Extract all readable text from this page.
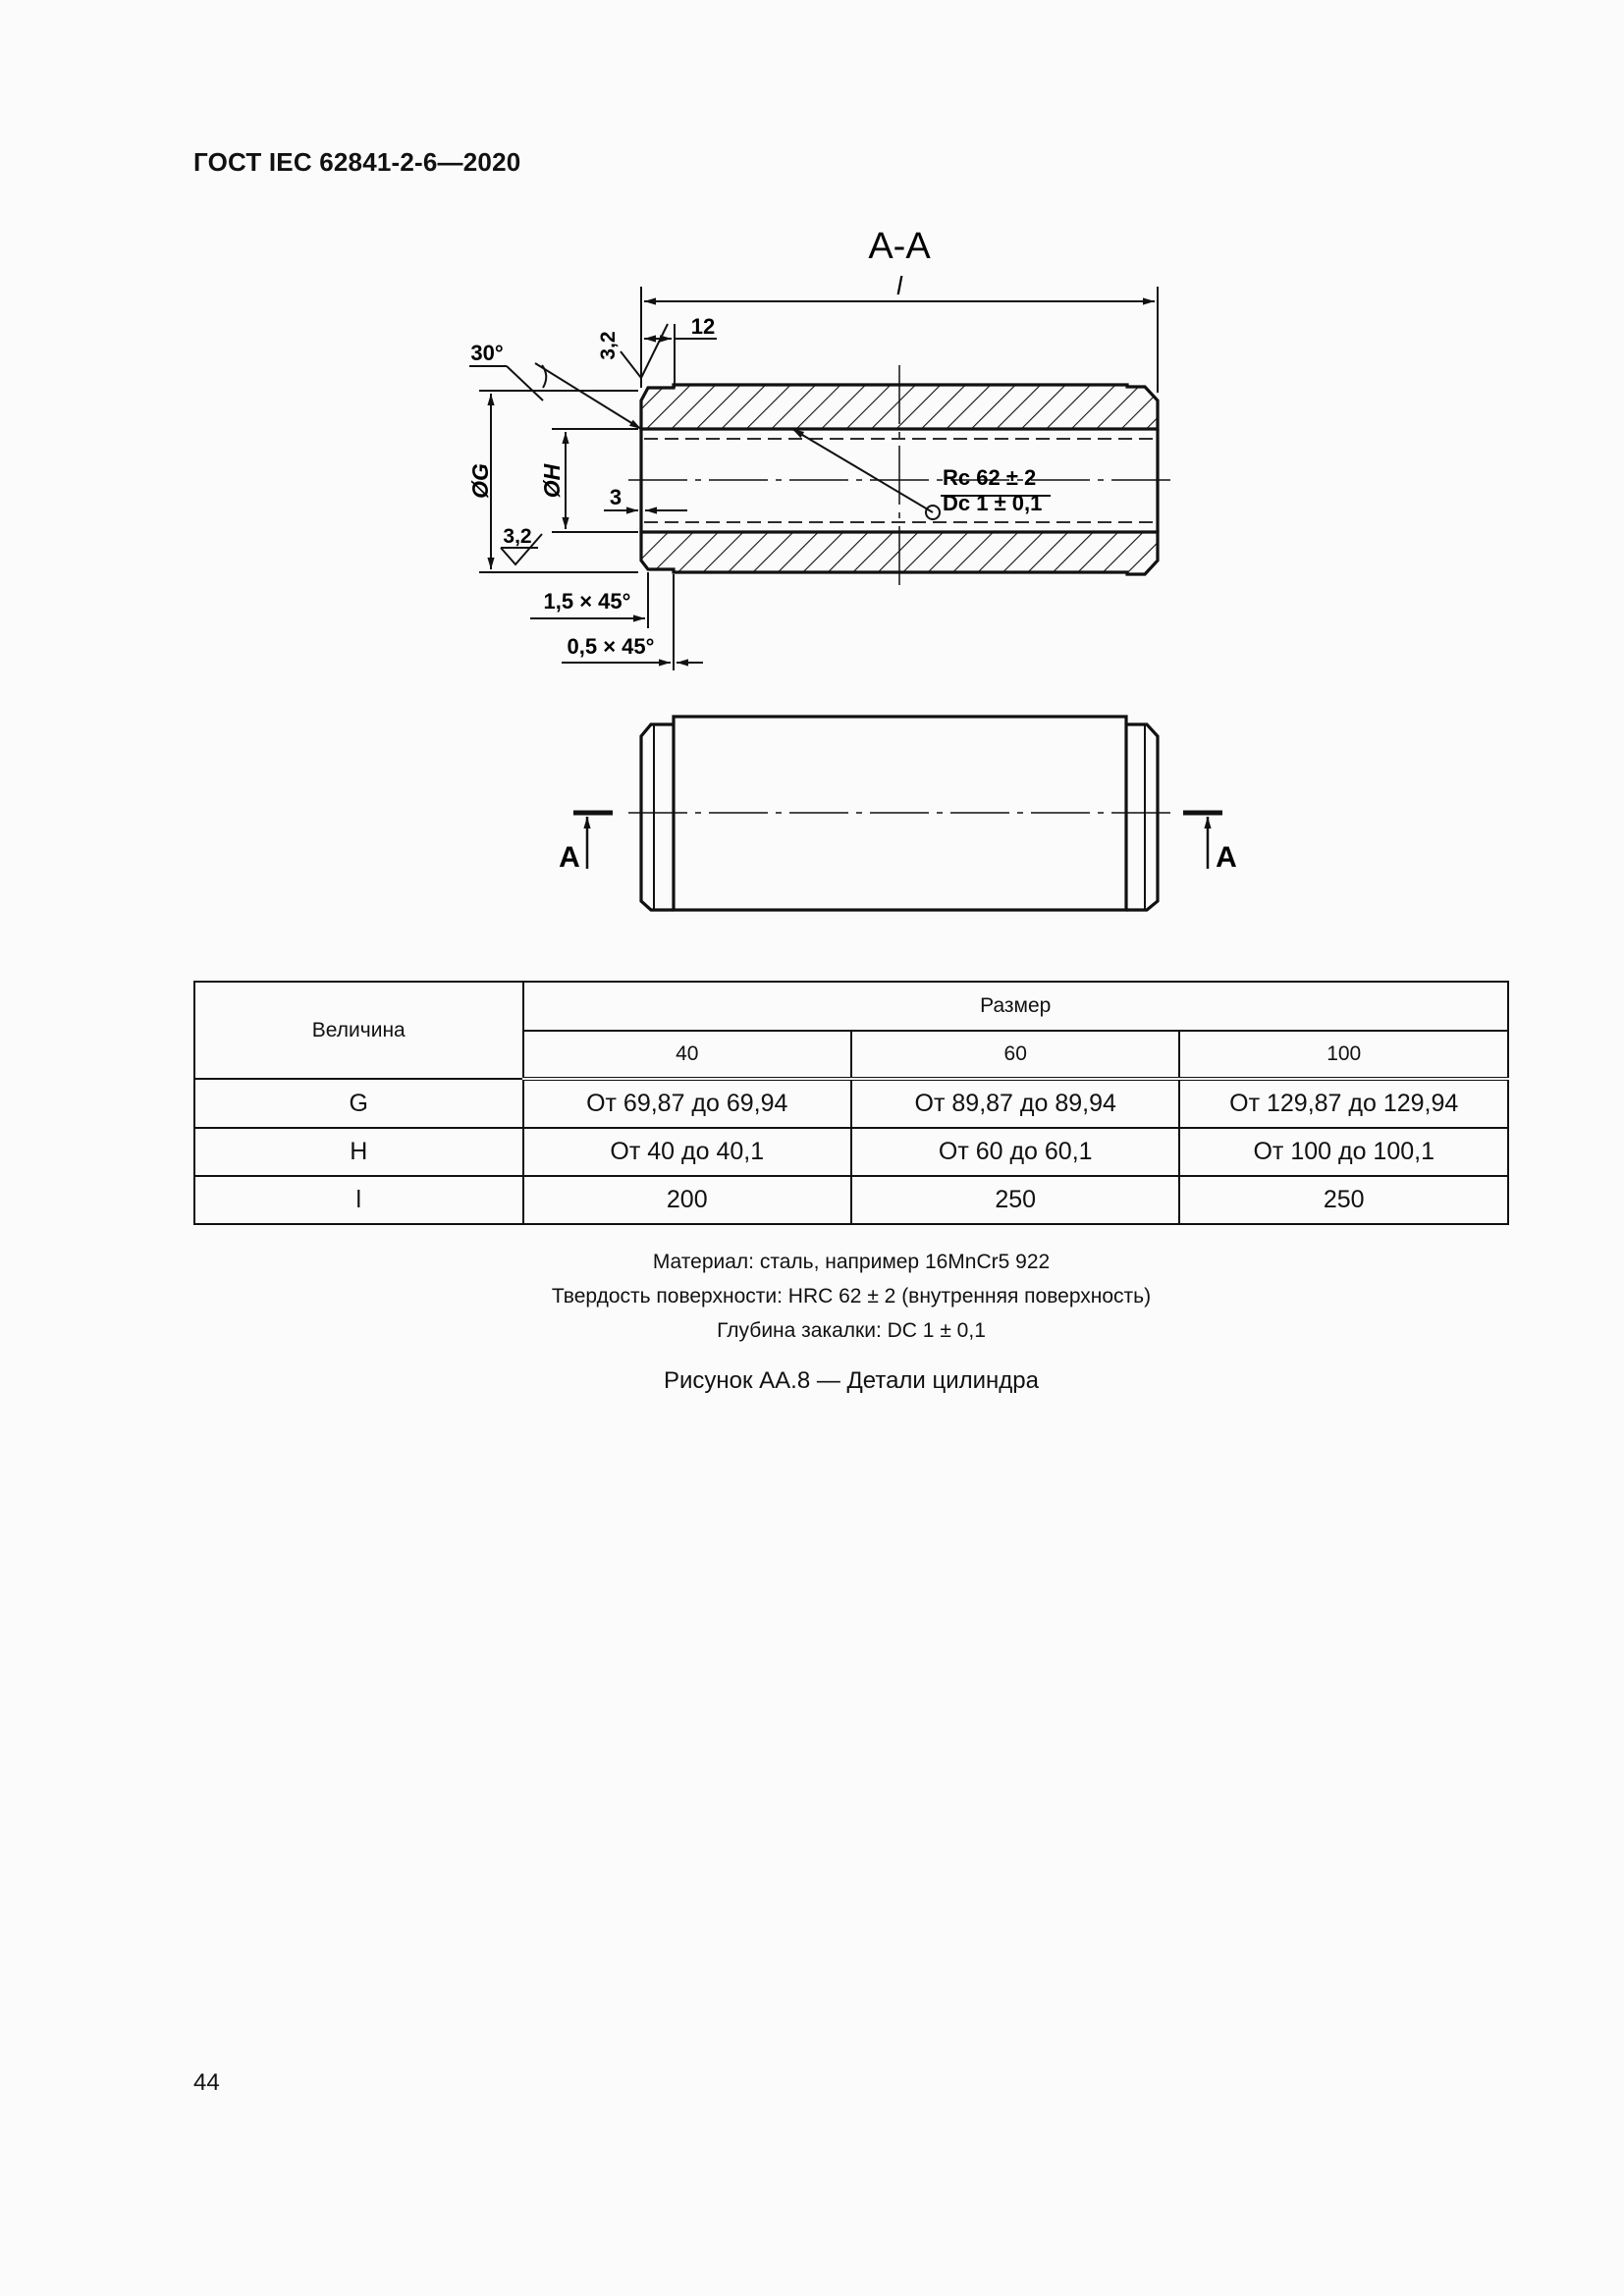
ГОСТ IEC 62841-2-6—2020
А-А
l
12
3,2
30°
ØG ØH 3
3,2
Rc 62 ± 2
Dc 1 ± 0,1
1,5 × 45°
0,5 × 45°
А	А
Величина	Размер		
	40	60	100
G	От 69,87 до 69,94	От 89,87 до 89,94	От 129,87 до 129,94
H	От 40 до 40,1	От 60 до 60,1	От 100 до 100,1
l	200	250	250
Материал: сталь, например 16MnCr5 922
Твердость поверхности: HRC 62 ± 2 (внутренняя поверхность)
Глубина закалки: DC 1 ± 0,1
Рисунок АА.8 — Детали цилиндра
44
